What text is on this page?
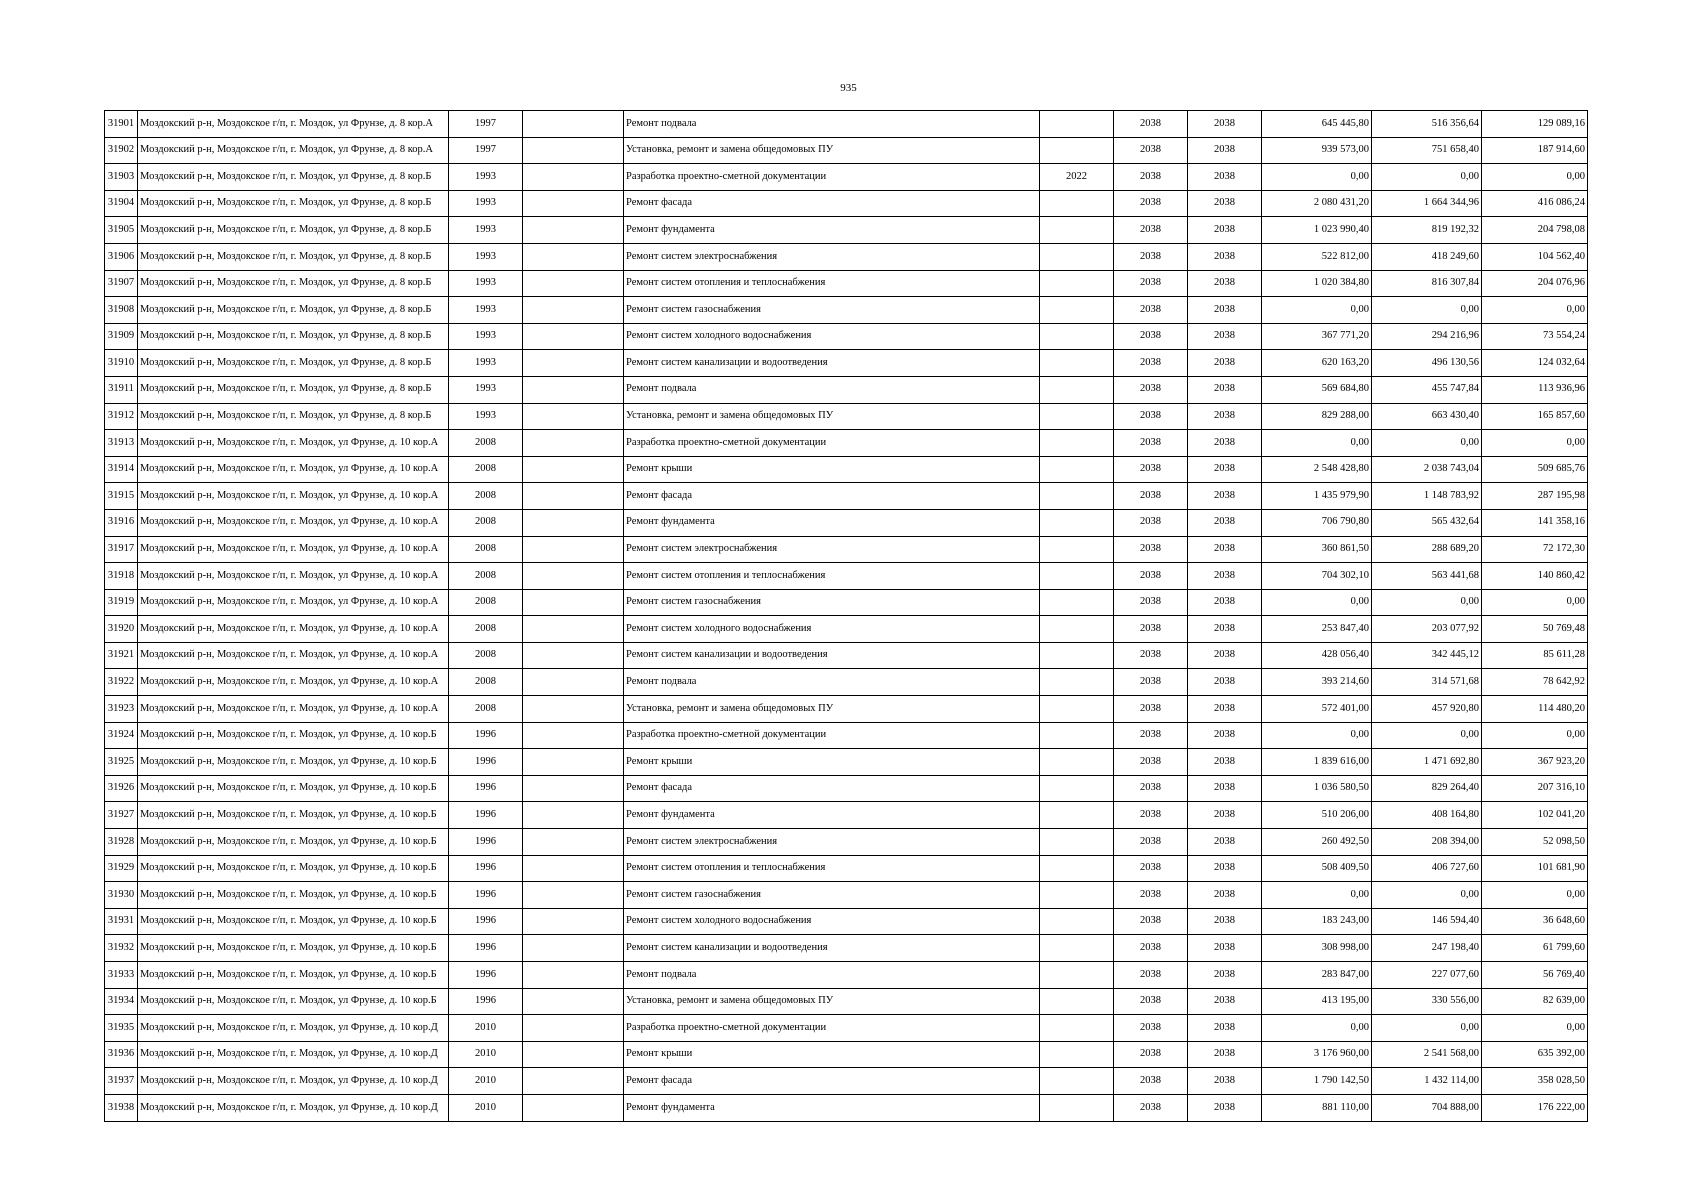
935
31901	Моздокский р-н, Моздокское г/п, г. Моздок, ул Фрунзе, д. 8 кор.А	1997		Ремонт подвала		2038	2038	645 445,80	516 356,64	129 089,16
31902	Моздокский р-н, Моздокское г/п, г. Моздок, ул Фрунзе, д. 8 кор.А	1997		Установка, ремонт и замена общедомовых ПУ		2038	2038	939 573,00	751 658,40	187 914,60
31903	Моздокский р-н, Моздокское г/п, г. Моздок, ул Фрунзе, д. 8 кор.Б	1993		Разработка проектно-сметной документации	2022	2038	2038	0,00	0,00	0,00
31904	Моздокский р-н, Моздокское г/п, г. Моздок, ул Фрунзе, д. 8 кор.Б	1993		Ремонт фасада		2038	2038	2 080 431,20	1 664 344,96	416 086,24
31905	Моздокский р-н, Моздокское г/п, г. Моздок, ул Фрунзе, д. 8 кор.Б	1993		Ремонт фундамента		2038	2038	1 023 990,40	819 192,32	204 798,08
31906	Моздокский р-н, Моздокское г/п, г. Моздок, ул Фрунзе, д. 8 кор.Б	1993		Ремонт систем электроснабжения		2038	2038	522 812,00	418 249,60	104 562,40
31907	Моздокский р-н, Моздокское г/п, г. Моздок, ул Фрунзе, д. 8 кор.Б	1993		Ремонт систем отопления и теплоснабжения		2038	2038	1 020 384,80	816 307,84	204 076,96
31908	Моздокский р-н, Моздокское г/п, г. Моздок, ул Фрунзе, д. 8 кор.Б	1993		Ремонт систем газоснабжения		2038	2038	0,00	0,00	0,00
31909	Моздокский р-н, Моздокское г/п, г. Моздок, ул Фрунзе, д. 8 кор.Б	1993		Ремонт систем холодного водоснабжения		2038	2038	367 771,20	294 216,96	73 554,24
31910	Моздокский р-н, Моздокское г/п, г. Моздок, ул Фрунзе, д. 8 кор.Б	1993		Ремонт систем канализации и водоотведения		2038	2038	620 163,20	496 130,56	124 032,64
31911	Моздокский р-н, Моздокское г/п, г. Моздок, ул Фрунзе, д. 8 кор.Б	1993		Ремонт подвала		2038	2038	569 684,80	455 747,84	113 936,96
31912	Моздокский р-н, Моздокское г/п, г. Моздок, ул Фрунзе, д. 8 кор.Б	1993		Установка, ремонт и замена общедомовых ПУ		2038	2038	829 288,00	663 430,40	165 857,60
31913	Моздокский р-н, Моздокское г/п, г. Моздок, ул Фрунзе, д. 10 кор.А	2008		Разработка проектно-сметной документации		2038	2038	0,00	0,00	0,00
31914	Моздокский р-н, Моздокское г/п, г. Моздок, ул Фрунзе, д. 10 кор.А	2008		Ремонт крыши		2038	2038	2 548 428,80	2 038 743,04	509 685,76
31915	Моздокский р-н, Моздокское г/п, г. Моздок, ул Фрунзе, д. 10 кор.А	2008		Ремонт фасада		2038	2038	1 435 979,90	1 148 783,92	287 195,98
31916	Моздокский р-н, Моздокское г/п, г. Моздок, ул Фрунзе, д. 10 кор.А	2008		Ремонт фундамента		2038	2038	706 790,80	565 432,64	141 358,16
31917	Моздокский р-н, Моздокское г/п, г. Моздок, ул Фрунзе, д. 10 кор.А	2008		Ремонт систем электроснабжения		2038	2038	360 861,50	288 689,20	72 172,30
31918	Моздокский р-н, Моздокское г/п, г. Моздок, ул Фрунзе, д. 10 кор.А	2008		Ремонт систем отопления и теплоснабжения		2038	2038	704 302,10	563 441,68	140 860,42
31919	Моздокский р-н, Моздокское г/п, г. Моздок, ул Фрунзе, д. 10 кор.А	2008		Ремонт систем газоснабжения		2038	2038	0,00	0,00	0,00
31920	Моздокский р-н, Моздокское г/п, г. Моздок, ул Фрунзе, д. 10 кор.А	2008		Ремонт систем холодного водоснабжения		2038	2038	253 847,40	203 077,92	50 769,48
31921	Моздокский р-н, Моздокское г/п, г. Моздок, ул Фрунзе, д. 10 кор.А	2008		Ремонт систем канализации и водоотведения		2038	2038	428 056,40	342 445,12	85 611,28
31922	Моздокский р-н, Моздокское г/п, г. Моздок, ул Фрунзе, д. 10 кор.А	2008		Ремонт подвала		2038	2038	393 214,60	314 571,68	78 642,92
31923	Моздокский р-н, Моздокское г/п, г. Моздок, ул Фрунзе, д. 10 кор.А	2008		Установка, ремонт и замена общедомовых ПУ		2038	2038	572 401,00	457 920,80	114 480,20
31924	Моздокский р-н, Моздокское г/п, г. Моздок, ул Фрунзе, д. 10 кор.Б	1996		Разработка проектно-сметной документации		2038	2038	0,00	0,00	0,00
31925	Моздокский р-н, Моздокское г/п, г. Моздок, ул Фрунзе, д. 10 кор.Б	1996		Ремонт крыши		2038	2038	1 839 616,00	1 471 692,80	367 923,20
31926	Моздокский р-н, Моздокское г/п, г. Моздок, ул Фрунзе, д. 10 кор.Б	1996		Ремонт фасада		2038	2038	1 036 580,50	829 264,40	207 316,10
31927	Моздокский р-н, Моздокское г/п, г. Моздок, ул Фрунзе, д. 10 кор.Б	1996		Ремонт фундамента		2038	2038	510 206,00	408 164,80	102 041,20
31928	Моздокский р-н, Моздокское г/п, г. Моздок, ул Фрунзе, д. 10 кор.Б	1996		Ремонт систем электроснабжения		2038	2038	260 492,50	208 394,00	52 098,50
31929	Моздокский р-н, Моздокское г/п, г. Моздок, ул Фрунзе, д. 10 кор.Б	1996		Ремонт систем отопления и теплоснабжения		2038	2038	508 409,50	406 727,60	101 681,90
31930	Моздокский р-н, Моздокское г/п, г. Моздок, ул Фрунзе, д. 10 кор.Б	1996		Ремонт систем газоснабжения		2038	2038	0,00	0,00	0,00
31931	Моздокский р-н, Моздокское г/п, г. Моздок, ул Фрунзе, д. 10 кор.Б	1996		Ремонт систем холодного водоснабжения		2038	2038	183 243,00	146 594,40	36 648,60
31932	Моздокский р-н, Моздокское г/п, г. Моздок, ул Фрунзе, д. 10 кор.Б	1996		Ремонт систем канализации и водоотведения		2038	2038	308 998,00	247 198,40	61 799,60
31933	Моздокский р-н, Моздокское г/п, г. Моздок, ул Фрунзе, д. 10 кор.Б	1996		Ремонт подвала		2038	2038	283 847,00	227 077,60	56 769,40
31934	Моздокский р-н, Моздокское г/п, г. Моздок, ул Фрунзе, д. 10 кор.Б	1996		Установка, ремонт и замена общедомовых ПУ		2038	2038	413 195,00	330 556,00	82 639,00
31935	Моздокский р-н, Моздокское г/п, г. Моздок, ул Фрунзе, д. 10 кор.Д	2010		Разработка проектно-сметной документации		2038	2038	0,00	0,00	0,00
31936	Моздокский р-н, Моздокское г/п, г. Моздок, ул Фрунзе, д. 10 кор.Д	2010		Ремонт крыши		2038	2038	3 176 960,00	2 541 568,00	635 392,00
31937	Моздокский р-н, Моздокское г/п, г. Моздок, ул Фрунзе, д. 10 кор.Д	2010		Ремонт фасада		2038	2038	1 790 142,50	1 432 114,00	358 028,50
31938	Моздокский р-н, Моздокское г/п, г. Моздок, ул Фрунзе, д. 10 кор.Д	2010		Ремонт фундамента		2038	2038	881 110,00	704 888,00	176 222,00
